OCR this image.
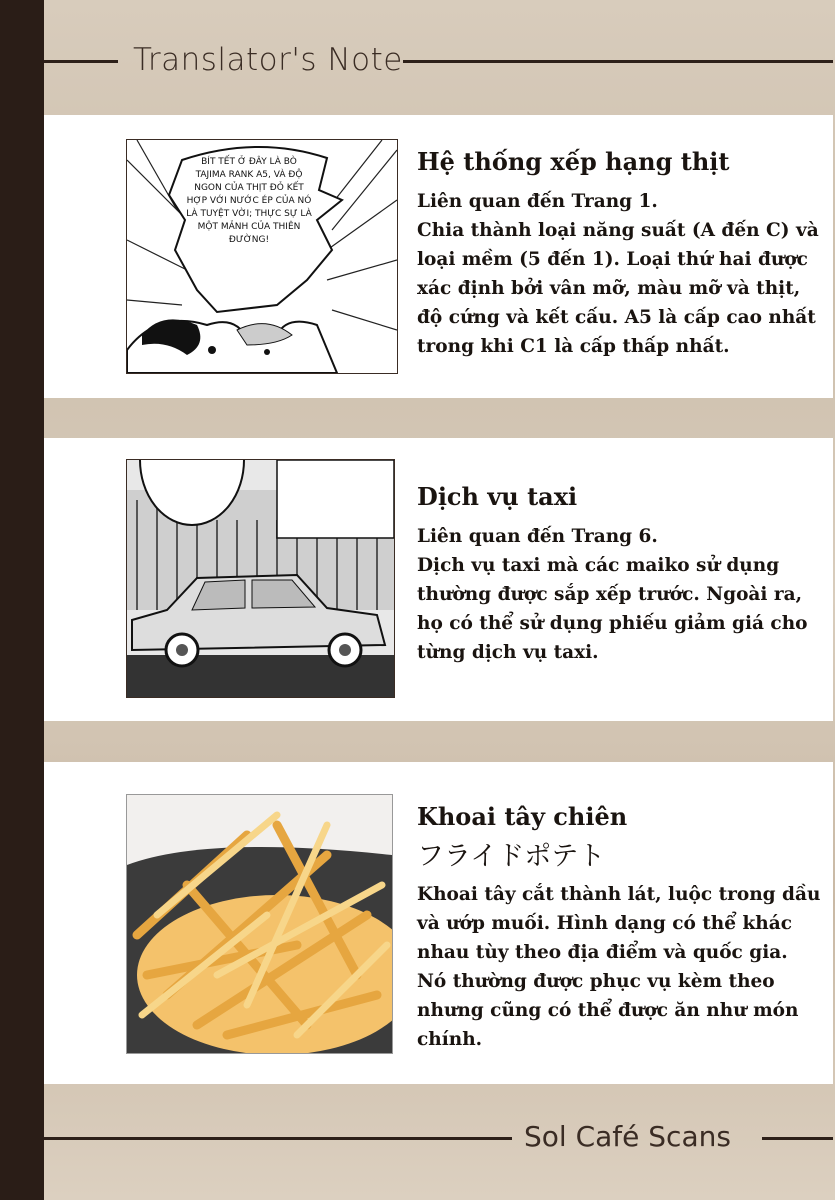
Translator's Note
BÍT TẾT Ở ĐÂY LÀ BÒ TAJIMA RANK A5, VÀ ĐỘ NGON CỦA THỊT ĐỎ KẾT HỢP VỚI NƯỚC ÉP CỦA NÓ LÀ TUYỆT VỜI; THỰC SỰ LÀ MỘT MẢNH CỦA THIÊN ĐƯỜNG!
Hệ thống xếp hạng thịt
Liên quan đến Trang 1.
Chia thành loại năng suất (A đến C) và loại mềm (5 đến 1). Loại thứ hai được xác định bởi vân mỡ, màu mỡ và thịt, độ cứng và kết cấu. A5 là cấp cao nhất trong khi C1 là cấp thấp nhất.
Dịch vụ taxi
Liên quan đến Trang 6.
Dịch vụ taxi mà các maiko sử dụng thường được sắp xếp trước. Ngoài ra, họ có thể sử dụng phiếu giảm giá cho từng dịch vụ taxi.
Khoai tây chiên
フライドポテト
Khoai tây cắt thành lát, luộc trong dầu và ướp muối. Hình dạng có thể khác nhau tùy theo địa điểm và quốc gia. Nó thường được phục vụ kèm theo nhưng cũng có thể được ăn như món chính.
Sol Café Scans
